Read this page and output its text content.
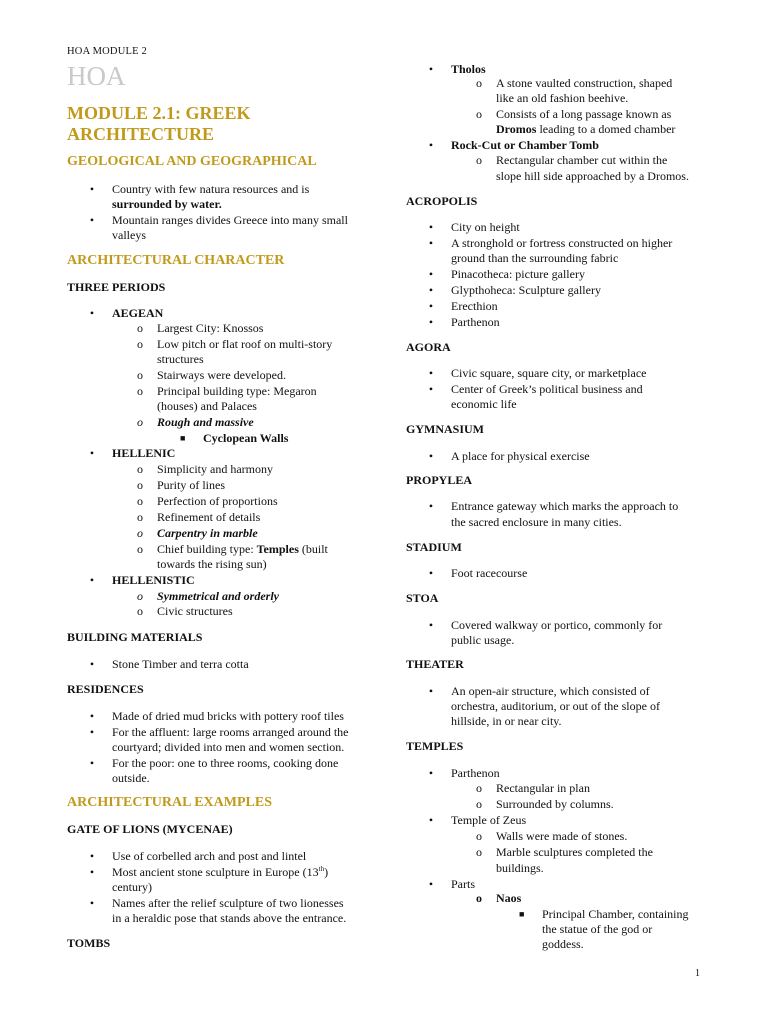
HOA MODULE 2
HOA
MODULE 2.1: GREEK
ARCHITECTURE
GEOLOGICAL AND GEOGRAPHICAL
• Country with few natura resources and is
surrounded by water.
• Mountain ranges divides Greece into many small
valleys
ARCHITECTURAL CHARACTER
THREE PERIODS
• AEGEAN
o Largest City: Knossos
o Low pitch or flat roof on multi-story
structures
o Stairways were developed.
o Principal building type: Megaron
(houses) and Palaces
o Rough and massive
■ Cyclopean Walls
• HELLENIC
o Simplicity and harmony
o Purity of lines
o Perfection of proportions
o Refinement of details
o Carpentry in marble
o Chief building type: Temples (built
towards the rising sun)
• HELLENISTIC
o Symmetrical and orderly
o Civic structures
BUILDING MATERIALS
• Stone Timber and terra cotta
RESIDENCES
• Made of dried mud bricks with pottery roof tiles
• For the affluent: large rooms arranged around the
courtyard; divided into men and women section.
• For the poor: one to three rooms, cooking done
outside.
ARCHITECTURAL EXAMPLES
GATE OF LIONS (MYCENAE)
• Use of corbelled arch and post and lintel
• Most ancient stone sculpture in Europe (13th)
century)
• Names after the relief sculpture of two lionesses
in a heraldic pose that stands above the entrance.
TOMBS
• Tholos
o A stone vaulted construction, shaped
like an old fashion beehive.
o Consists of a long passage known as
Dromos leading to a domed chamber
• Rock-Cut or Chamber Tomb
o Rectangular chamber cut within the
slope hill side approached by a Dromos.
ACROPOLIS
• City on height
• A stronghold or fortress constructed on higher
ground than the surrounding fabric
• Pinacotheca: picture gallery
• Glypthoheca: Sculpture gallery
• Erecthion
• Parthenon
AGORA
• Civic square, square city, or marketplace
• Center of Greek’s political business and
economic life
GYMNASIUM
• A place for physical exercise
PROPYLEA
• Entrance gateway which marks the approach to
the sacred enclosure in many cities.
STADIUM
• Foot racecourse
STOA
• Covered walkway or portico, commonly for
public usage.
THEATER
• An open-air structure, which consisted of
orchestra, auditorium, or out of the slope of
hillside, in or near city.
TEMPLES
• Parthenon
o Rectangular in plan
o Surrounded by columns.
• Temple of Zeus
o Walls were made of stones.
o Marble sculptures completed the
buildings.
• Parts
o Naos
■ Principal Chamber, containing
the statue of the god or
goddess.
1
